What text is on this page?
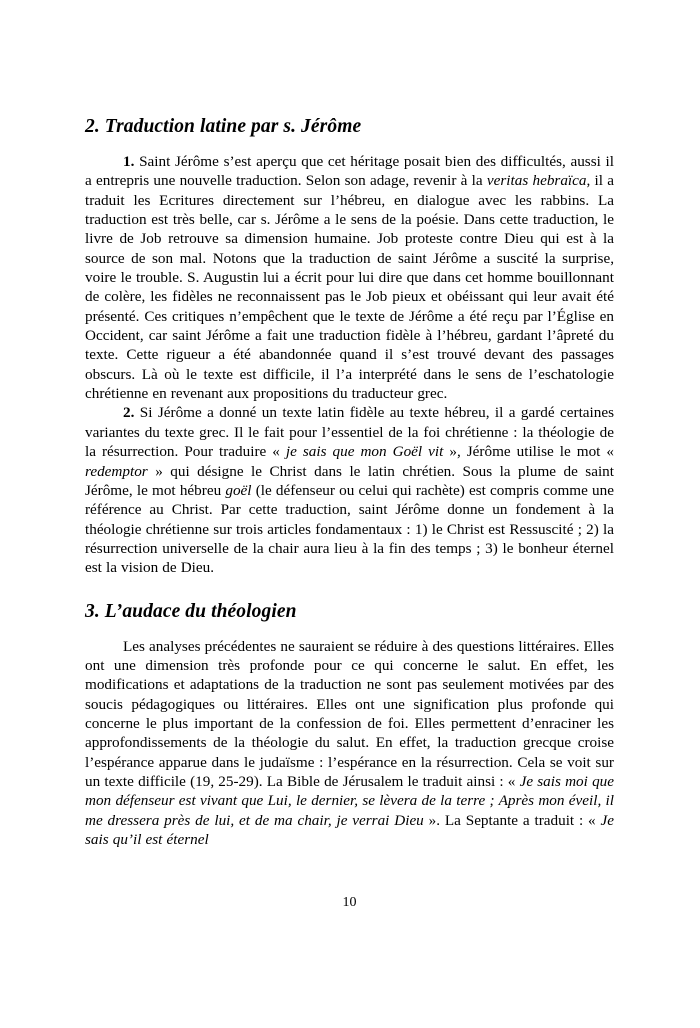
2. Traduction latine par s. Jérôme

1. Saint Jérôme s’est aperçu que cet héritage posait bien des difficultés, aussi il a entrepris une nouvelle traduction. Selon son adage, revenir à la veritas hebraïca, il a traduit les Ecritures directement sur l’hébreu, en dialogue avec les rabbins. La traduction est très belle, car s. Jérôme a le sens de la poésie. Dans cette traduction, le livre de Job retrouve sa dimension humaine. Job proteste contre Dieu qui est à la source de son mal. Notons que la traduction de saint Jérôme a suscité la surprise, voire le trouble. S. Augustin lui a écrit pour lui dire que dans cet homme bouillonnant de colère, les fidèles ne reconnaissent pas le Job pieux et obéissant qui leur avait été présenté. Ces critiques n’empêchent que le texte de Jérôme a été reçu par l’Église en Occident, car saint Jérôme a fait une traduction fidèle à l’hébreu, gardant l’âpreté du texte. Cette rigueur a été abandonnée quand il s’est trouvé devant des passages obscurs. Là où le texte est difficile, il l’a interprété dans le sens de l’eschatologie chrétienne en revenant aux propositions du traducteur grec.

2. Si Jérôme a donné un texte latin fidèle au texte hébreu, il a gardé certaines variantes du texte grec. Il le fait pour l’essentiel de la foi chrétienne : la théologie de la résurrection. Pour traduire « je sais que mon Goël vit », Jérôme utilise le mot « redemptor » qui désigne le Christ dans le latin chrétien. Sous la plume de saint Jérôme, le mot hébreu goël (le défenseur ou celui qui rachète) est compris comme une référence au Christ. Par cette traduction, saint Jérôme donne un fondement à la théologie chrétienne sur trois articles fondamentaux : 1) le Christ est Ressuscité ; 2) la résurrection universelle de la chair aura lieu à la fin des temps ; 3) le bonheur éternel est la vision de Dieu.

3. L’audace du théologien

Les analyses précédentes ne sauraient se réduire à des questions littéraires. Elles ont une dimension très profonde pour ce qui concerne le salut. En effet, les modifications et adaptations de la traduction ne sont pas seulement motivées par des soucis pédagogiques ou littéraires. Elles ont une signification plus profonde qui concerne le plus important de la confession de foi. Elles permettent d’enraciner les approfondissements de la théologie du salut. En effet, la traduction grecque croise l’espérance apparue dans le judaïsme : l’espérance en la résurrection. Cela se voit sur un texte difficile (19, 25-29). La Bible de Jérusalem le traduit ainsi : « Je sais moi que mon défenseur est vivant que Lui, le dernier, se lèvera de la terre ; Après mon éveil, il me dressera près de lui, et de ma chair, je verrai Dieu ». La Septante a traduit : « Je sais qu’il est éternel

10
